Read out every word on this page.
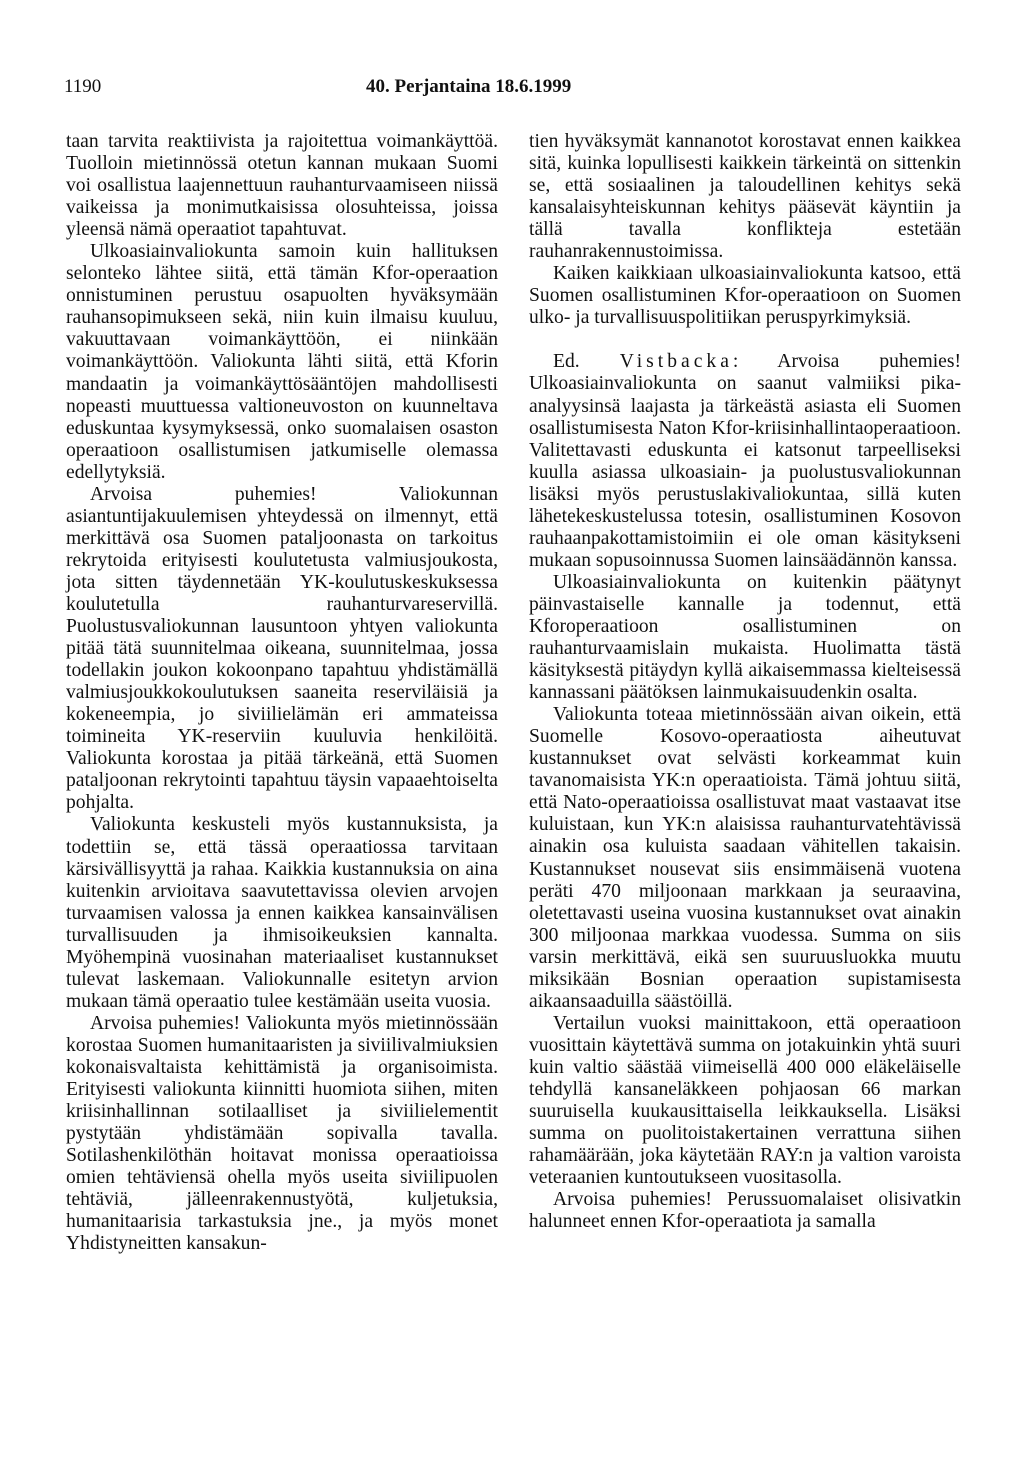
1190	40. Perjantaina 18.6.1999

taan tarvita reaktiivista ja rajoitettua voimankäyttöä. Tuolloin mietinnössä otetun kannan mukaan Suomi voi osallistua laajennettuun rauhanturvaamiseen niissä vaikeissa ja monimutkaisissa olosuhteissa, joissa yleensä nämä operaatiot tapahtuvat.

Ulkoasiainvaliokunta samoin kuin hallituksen selonteko lähtee siitä, että tämän Kfor-operaation onnistuminen perustuu osapuolten hyväksymään rauhansopimukseen sekä, niin kuin ilmaisu kuuluu, vakuuttavaan voimankäyttöön, ei niinkään voimankäyttöön. Valiokunta lähti siitä, että Kforin mandaatin ja voimankäyttösääntöjen mahdollisesti nopeasti muuttuessa valtioneuvoston on kuunneltava eduskuntaa kysymyksessä, onko suomalaisen osaston operaatioon osallistumisen jatkumiselle olemassa edellytyksiä.

Arvoisa puhemies! Valiokunnan asiantuntijakuulemisen yhteydessä on ilmennyt, että merkittävä osa Suomen pataljoonasta on tarkoitus rekrytoida erityisesti koulutetusta valmiusjoukosta, jota sitten täydennetään YK-koulutuskeskuksessa koulutetulla rauhanturvareservillä. Puolustusvaliokunnan lausuntoon yhtyen valiokunta pitää tätä suunnitelmaa oikeana, suunnitelmaa, jossa todellakin joukon kokoonpano tapahtuu yhdistämällä valmiusjoukkokoulutuksen saaneita reserviläisiä ja kokeneempia, jo siviilielämän eri ammateissa toimineita YK-reserviin kuuluvia henkilöitä. Valiokunta korostaa ja pitää tärkeänä, että Suomen pataljoonan rekrytointi tapahtuu täysin vapaaehtoiselta pohjalta.

Valiokunta keskusteli myös kustannuksista, ja todettiin se, että tässä operaatiossa tarvitaan kärsivällisyyttä ja rahaa. Kaikkia kustannuksia on aina kuitenkin arvioitava saavutettavissa olevien arvojen turvaamisen valossa ja ennen kaikkea kansainvälisen turvallisuuden ja ihmisoikeuksien kannalta. Myöhempinä vuosinahan materiaaliset kustannukset tulevat laskemaan. Valiokunnalle esitetyn arvion mukaan tämä operaatio tulee kestämään useita vuosia.

Arvoisa puhemies! Valiokunta myös mietinnössään korostaa Suomen humanitaaristen ja siviilivalmiuksien kokonaisvaltaista kehittämistä ja organisoimista. Erityisesti valiokunta kiinnitti huomiota siihen, miten kriisinhallinnan sotilaalliset ja siviilielementit pystytään yhdistämään sopivalla tavalla. Sotilashenkilöthän hoitavat monissa operaatioissa omien tehtäviensä ohella myös useita siviilipuolen tehtäviä, jälleenrakennustyötä, kuljetuksia, humanitaarisia tarkastuksia jne., ja myös monet Yhdistyneitten kansakun-

tien hyväksymät kannanotot korostavat ennen kaikkea sitä, kuinka lopullisesti kaikkein tärkeintä on sittenkin se, että sosiaalinen ja taloudellinen kehitys sekä kansalaisyhteiskunnan kehitys pääsevät käyntiin ja tällä tavalla konflikteja estetään rauhanrakennustoimissa.

Kaiken kaikkiaan ulkoasiainvaliokunta katsoo, että Suomen osallistuminen Kfor-operaatioon on Suomen ulko- ja turvallisuuspolitiikan peruspyrkimyksiä.

Ed. Vistbacka: Arvoisa puhemies! Ulkoasiainvaliokunta on saanut valmiiksi pika-analyysinsä laajasta ja tärkeästä asiasta eli Suomen osallistumisesta Naton Kfor-kriisinhallintaoperaatioon. Valitettavasti eduskunta ei katsonut tarpeelliseksi kuulla asiassa ulkoasiain- ja puolustusvaliokunnan lisäksi myös perustuslakivaliokuntaa, sillä kuten lähetekeskustelussa totesin, osallistuminen Kosovon rauhaanpakottamistoimiin ei ole oman käsitykseni mukaan sopusoinnussa Suomen lainsäädännön kanssa.

Ulkoasiainvaliokunta on kuitenkin päätynyt päinvastaiselle kannalle ja todennut, että Kforoperaatioon osallistuminen on rauhanturvaamislain mukaista. Huolimatta tästä käsityksestä pitäydyn kyllä aikaisemmassa kielteisessä kannassani päätöksen lainmukaisuudenkin osalta.

Valiokunta toteaa mietinnössään aivan oikein, että Suomelle Kosovo-operaatiosta aiheutuvat kustannukset ovat selvästi korkeammat kuin tavanomaisista YK:n operaatioista. Tämä johtuu siitä, että Nato-operaatioissa osallistuvat maat vastaavat itse kuluistaan, kun YK:n alaisissa rauhanturvatehtävissä ainakin osa kuluista saadaan vähitellen takaisin. Kustannukset nousevat siis ensimmäisenä vuotena peräti 470 miljoonaan markkaan ja seuraavina, oletettavasti useina vuosina kustannukset ovat ainakin 300 miljoonaa markkaa vuodessa. Summa on siis varsin merkittävä, eikä sen suuruusluokka muutu miksikään Bosnian operaation supistamisesta aikaansaaduilla säästöillä.

Vertailun vuoksi mainittakoon, että operaatioon vuosittain käytettävä summa on jotakuinkin yhtä suuri kuin valtio säästää viimeisellä 400 000 eläkeläiselle tehdyllä kansaneläkkeen pohjaosan 66 markan suuruisella kuukausittaisella leikkauksella. Lisäksi summa on puolitoistakertainen verrattuna siihen rahamäärään, joka käytetään RAY:n ja valtion varoista veteraanien kuntoutukseen vuositasolla.

Arvoisa puhemies! Perussuomalaiset olisivatkin halunneet ennen Kfor-operaatiota ja samalla
